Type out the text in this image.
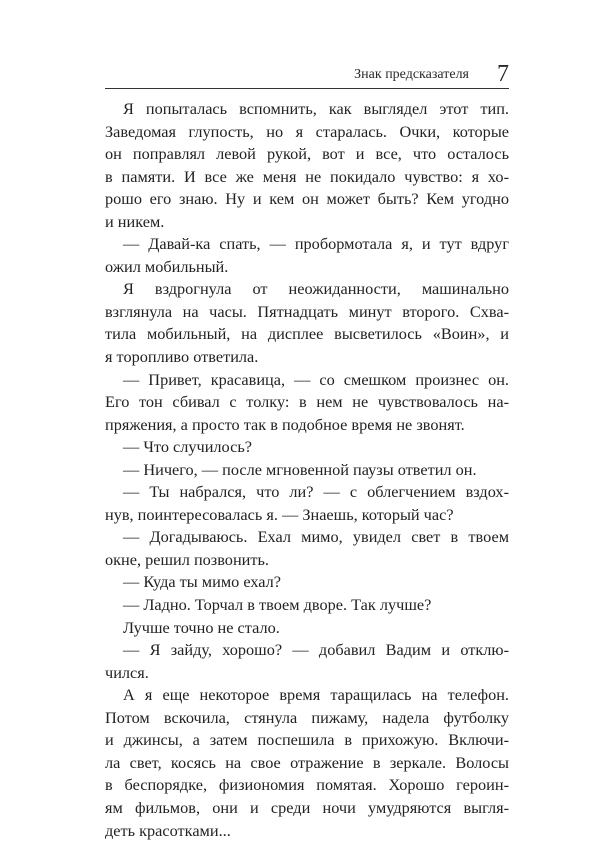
Знак предсказателя 7
Я попыталась вспомнить, как выглядел этот тип.
Заведомая глупость, но я старалась. Очки, которые
он поправлял левой рукой, вот и все, что осталось
в памяти. И все же меня не покидало чувство: я хо-
рошо его знаю. Ну и кем он может быть? Кем угодно
и никем.
— Давай-ка спать, — пробормотала я, и тут вдруг
ожил мобильный.
Я вздрогнула от неожиданности, машинально
взглянула на часы. Пятнадцать минут второго. Схва-
тила мобильный, на дисплее высветилось «Воин», и
я торопливо ответила.
— Привет, красавица, — со смешком произнес он.
Его тон сбивал с толку: в нем не чувствовалось на-
пряжения, а просто так в подобное время не звонят.
— Что случилось?
— Ничего, — после мгновенной паузы ответил он.
— Ты набрался, что ли? — с облегчением вздох-
нув, поинтересовалась я. — Знаешь, который час?
— Догадываюсь. Ехал мимо, увидел свет в твоем
окне, решил позвонить.
— Куда ты мимо ехал?
— Ладно. Торчал в твоем дворе. Так лучше?
Лучше точно не стало.
— Я зайду, хорошо? — добавил Вадим и отклю-
чился.
А я еще некоторое время таращилась на телефон.
Потом вскочила, стянула пижаму, надела футболку
и джинсы, а затем поспешила в прихожую. Включи-
ла свет, косясь на свое отражение в зеркале. Волосы
в беспорядке, физиономия помятая. Хорошо героин-
ям фильмов, они и среди ночи умудряются выгля-
деть красотками...
